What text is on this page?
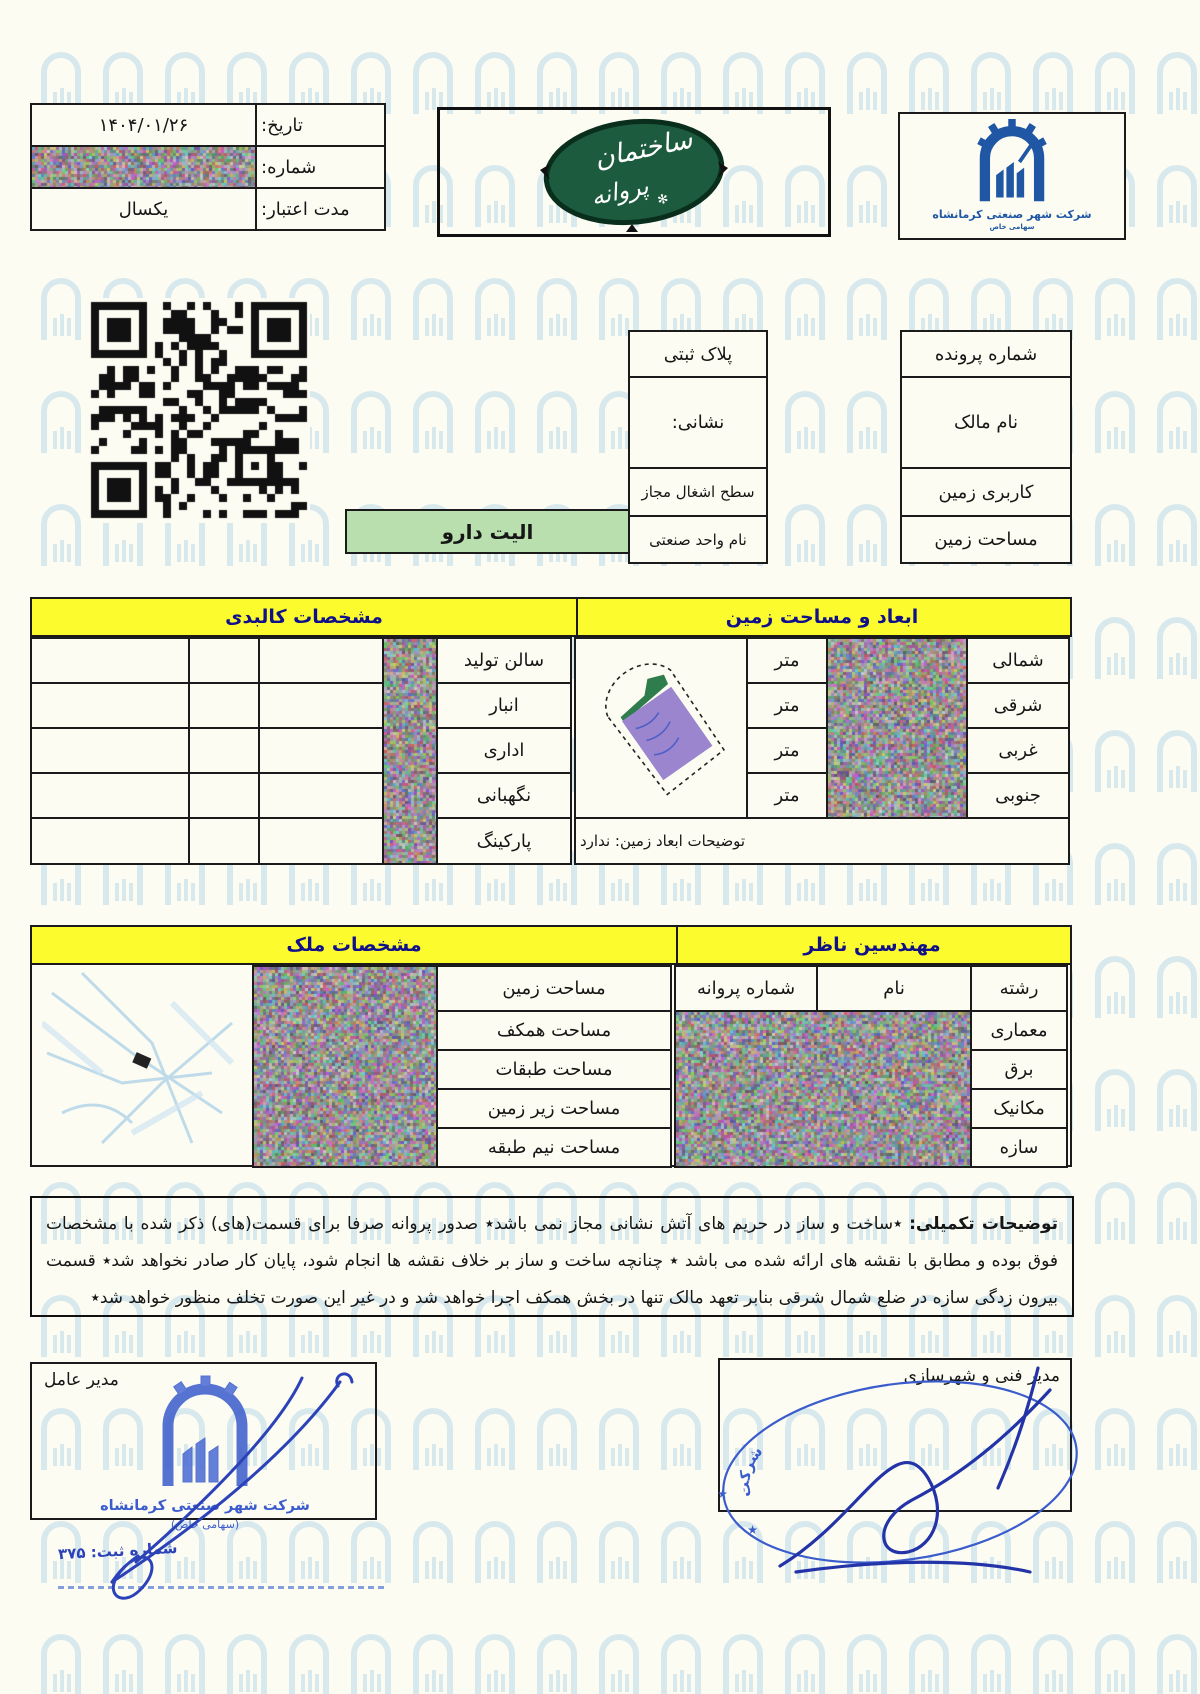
تاریخ:
۱۴۰۴/۰۱/۲۶
شماره:
مدت اعتبار:
یکسال
ساختمان
پروانه ✻
شرکت شهر صنعتی کرمانشاه
سهامی خاص
شماره پرونده
نام مالک
کاربری زمین
مساحت زمین
پلاک ثبتی
نشانی:
سطح اشغال مجاز
نام واحد صنعتی
الیت دارو
ابعاد و مساحت زمین
مشخصات کالبدی
شمالی
شرقی
غربی
جنوبی
متر
متر
متر
متر
توضیحات ابعاد زمین: ندارد
سالن تولید
انبار
اداری
نگهبانی
پارکینگ
مهندسین ناظر
مشخصات ملک
رشته
نام
شماره پروانه
معماری
برق
مکانیک
سازه
مساحت زمین
مساحت همکف
مساحت طبقات
مساحت زیر زمین
مساحت نیم طبقه
توضیحات تکمیلی: ٭ساخت و ساز در حریم های آتش نشانی مجاز نمی باشد٭ صدور پروانه صرفا برای قسمت(های) ذکر شده با مشخصات فوق بوده و مطابق با نقشه های ارائه شده می باشد ٭ چنانچه ساخت و ساز بر خلاف نقشه ها انجام شود، پایان کار صادر نخواهد شد٭ قسمت بیرون زدگی سازه در ضلع شمال شرقی بنابر تعهد مالک تنها در بخش همکف اجرا خواهد شد و در غیر این صورت تخلف منظور خواهد شد٭
مدیر فنی و شهرسازی
شرکت شهر صنعتی کرمانشاه
٭
٭
مدیر عامل
شرکت شهر صنعتی کرمانشاه
(سهامی خاص)
شماره ثبت: ۳۷۵
